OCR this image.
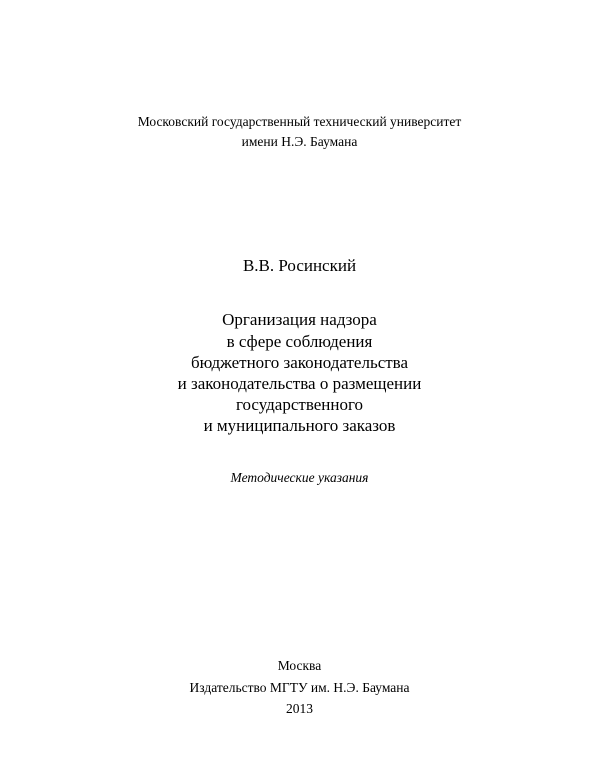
Московский государственный технический университет
имени Н.Э. Баумана
В.В. Росинский
Организация надзора
в сфере соблюдения
бюджетного законодательства
и законодательства о размещении
государственного
и муниципального заказов
Методические указания
Москва
Издательство МГТУ им. Н.Э. Баумана
2013
